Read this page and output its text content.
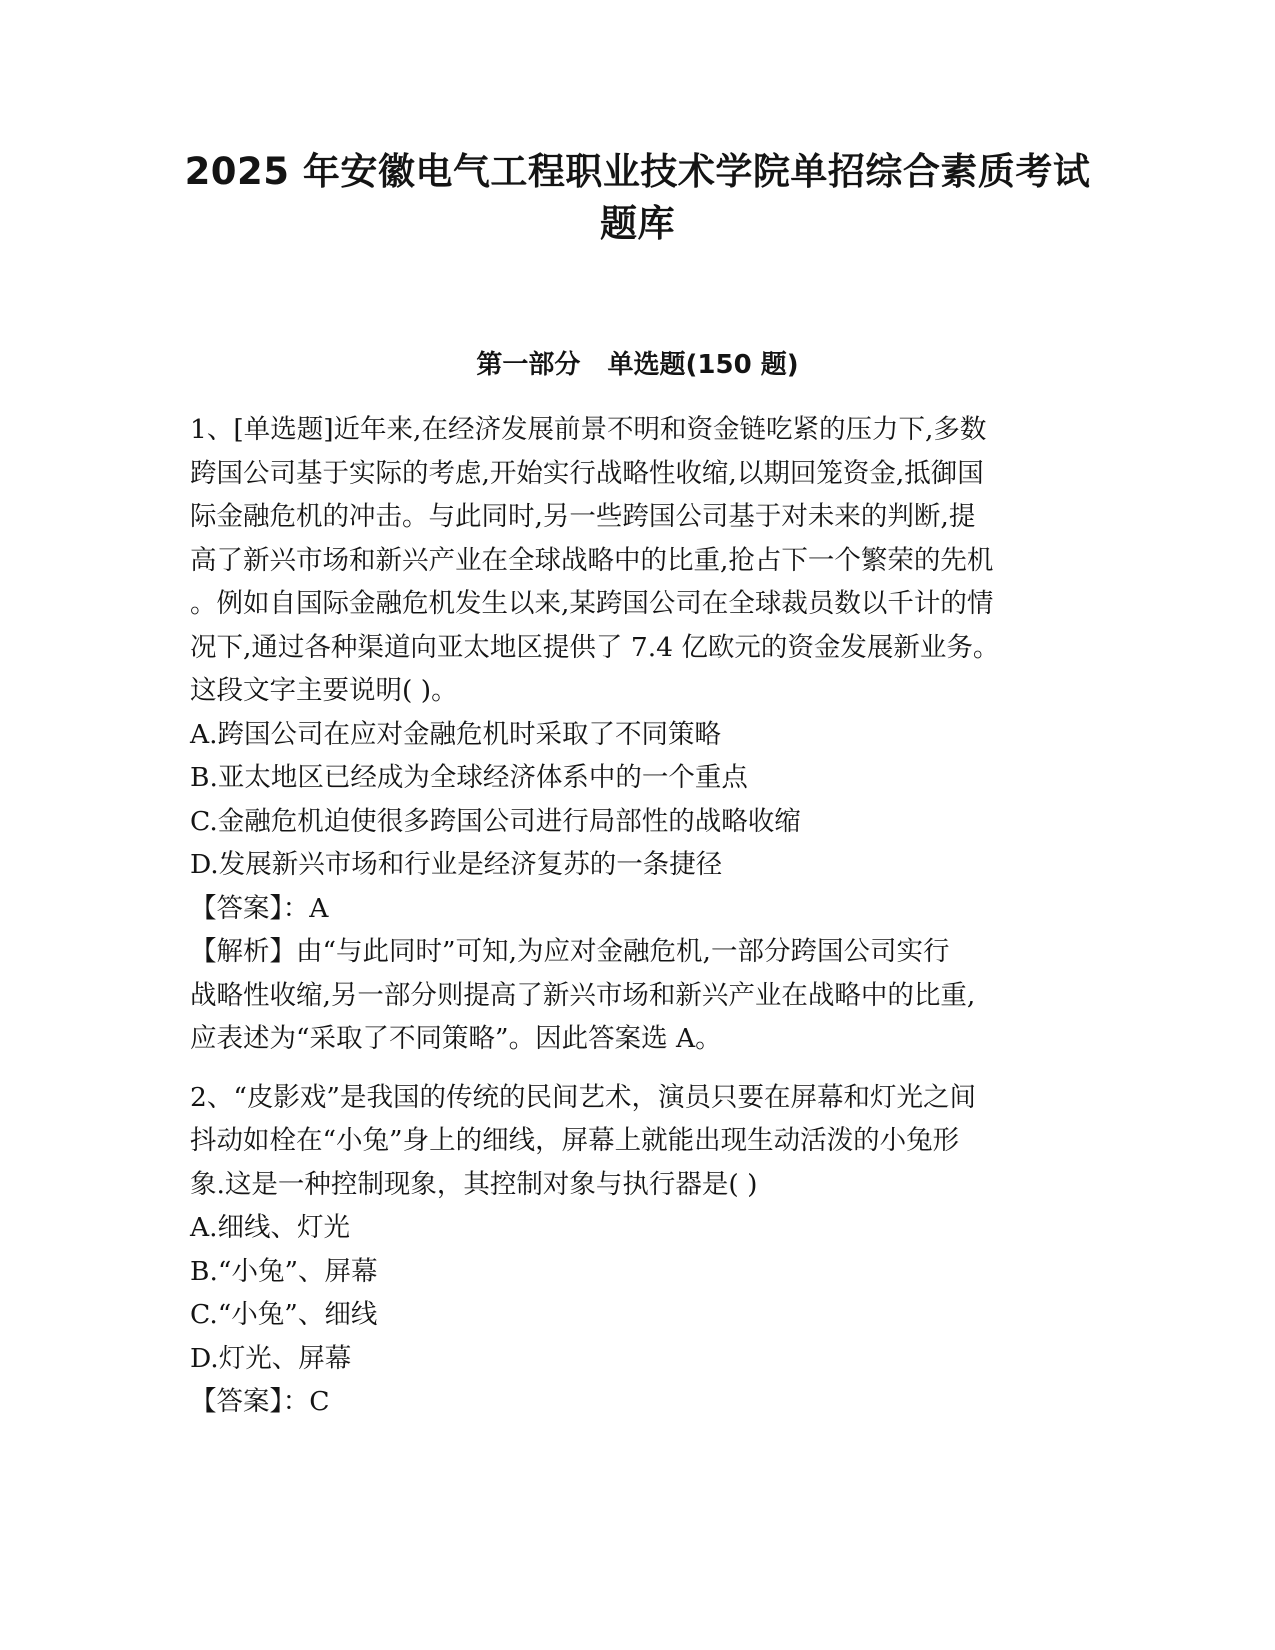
2025 年安徽电气工程职业技术学院单招综合素质考试
题库
第一部分   单选题(150 题)

1、[单选题]近年来,在经济发展前景不明和资金链吃紧的压力下,多数

跨国公司基于实际的考虑,开始实行战略性收缩,以期回笼资金,抵御国

际金融危机的冲击。与此同时,另一些跨国公司基于对未来的判断,提

高了新兴市场和新兴产业在全球战略中的比重,抢占下一个繁荣的先机

。例如自国际金融危机发生以来,某跨国公司在全球裁员数以千计的情

况下,通过各种渠道向亚太地区提供了 7.4 亿欧元的资金发展新业务。

这段文字主要说明( )。

A.跨国公司在应对金融危机时采取了不同策略

B.亚太地区已经成为全球经济体系中的一个重点

C.金融危机迫使很多跨国公司进行局部性的战略收缩

D.发展新兴市场和行业是经济复苏的一条捷径

【答案】：A

【解析】由“与此同时”可知,为应对金融危机,一部分跨国公司实行

战略性收缩,另一部分则提高了新兴市场和新兴产业在战略中的比重,

应表述为“采取了不同策略”。因此答案选 A。

2、“皮影戏”是我国的传统的民间艺术，演员只要在屏幕和灯光之间

抖动如栓在“小兔”身上的细线，屏幕上就能出现生动活泼的小兔形

象.这是一种控制现象，其控制对象与执行器是( )

A.细线、灯光

B.“小兔”、屏幕

C.“小兔”、细线

D.灯光、屏幕

【答案】：C
